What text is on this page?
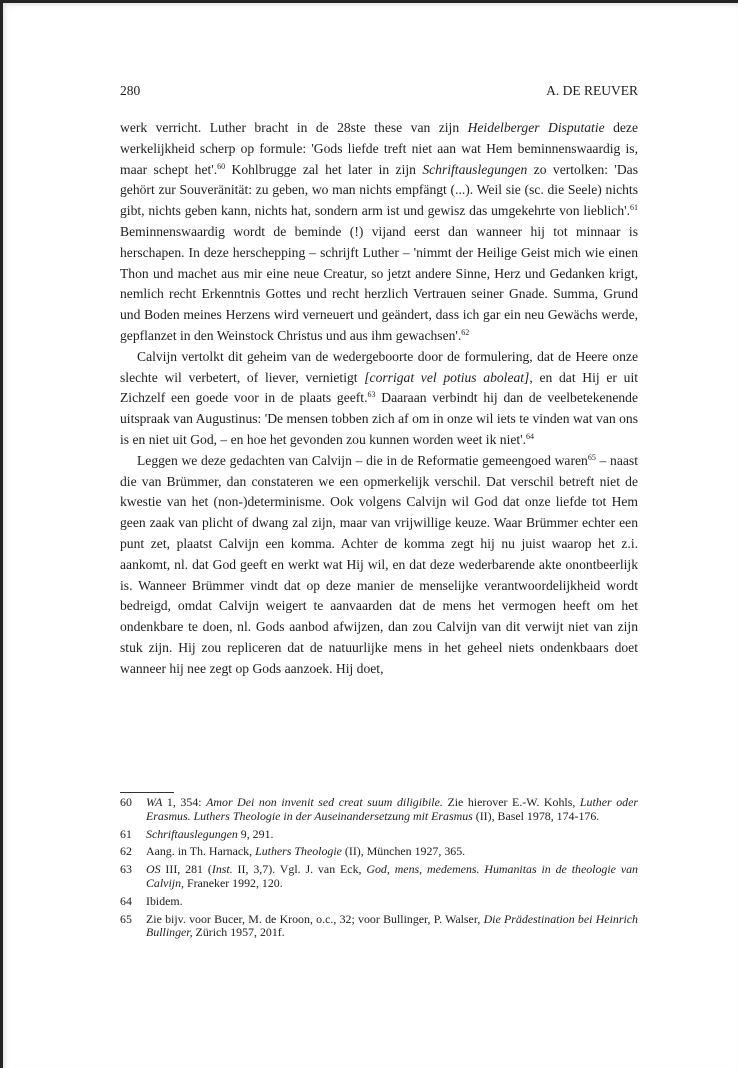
280	A. DE REUVER

werk verricht. Luther bracht in de 28ste these van zijn Heidelberger Disputatie deze werkelijkheid scherp op formule: 'Gods liefde treft niet aan wat Hem beminnenswaardig is, maar schept het'.$^{60}$ Kohlbrugge zal het later in zijn Schriftauslegungen zo vertolken: 'Das gehört zur Souveränität: zu geben, wo man nichts empfängt (...). Weil sie (sc. die Seele) nichts gibt, nichts geben kann, nichts hat, sondern arm ist und gewisz das umgekehrte von lieblich'.$^{61}$ Beminnenswaardig wordt de beminde (!) vijand eerst dan wanneer hij tot minnaar is herschapen. In deze herschepping – schrijft Luther – 'nimmt der Heilige Geist mich wie einen Thon und machet aus mir eine neue Creatur, so jetzt andere Sinne, Herz und Gedanken krigt, nemlich recht Erkenntnis Gottes und recht herzlich Vertrauen seiner Gnade. Summa, Grund und Boden meines Herzens wird verneuert und geändert, dass ich gar ein neu Gewächs werde, gepflanzet in den Weinstock Christus und aus ihm gewachsen'.$^{62}$

Calvijn vertolkt dit geheim van de wedergeboorte door de formulering, dat de Heere onze slechte wil verbetert, of liever, vernietigt [corrigat vel potius aboleat], en dat Hij er uit Zichzelf een goede voor in de plaats geeft.$^{63}$ Daaraan verbindt hij dan de veelbetekenende uitspraak van Augustinus: 'De mensen tobben zich af om in onze wil iets te vinden wat van ons is en niet uit God, – en hoe het gevonden zou kunnen worden weet ik niet'.$^{64}$

Leggen we deze gedachten van Calvijn – die in de Reformatie gemeengoed waren$^{65}$ – naast die van Brümmer, dan constateren we een opmerkelijk verschil. Dat verschil betreft niet de kwestie van het (non-)determinisme. Ook volgens Calvijn wil God dat onze liefde tot Hem geen zaak van plicht of dwang zal zijn, maar van vrijwillige keuze. Waar Brümmer echter een punt zet, plaatst Calvijn een komma. Achter de komma zegt hij nu juist waarop het z.i. aankomt, nl. dat God geeft en werkt wat Hij wil, en dat deze wederbarende akte onontbeerlijk is. Wanneer Brümmer vindt dat op deze manier de menselijke verantwoordelijkheid wordt bedreigd, omdat Calvijn weigert te aanvaarden dat de mens het vermogen heeft om het ondenkbare te doen, nl. Gods aanbod afwijzen, dan zou Calvijn van dit verwijt niet van zijn stuk zijn. Hij zou repliceren dat de natuurlijke mens in het geheel niets ondenkbaars doet wanneer hij nee zegt op Gods aanzoek. Hij doet,

60	WA 1, 354: Amor Dei non invenit sed creat suum diligibile. Zie hierover E.-W. Kohls, Luther oder Erasmus. Luthers Theologie in der Auseinandersetzung mit Erasmus (II), Basel 1978, 174-176.
61	Schriftauslegungen 9, 291.
62	Aang. in Th. Harnack, Luthers Theologie (II), München 1927, 365.
63	OS III, 281 (Inst. II, 3,7). Vgl. J. van Eck, God, mens, medemens. Humanitas in de theologie van Calvijn, Franeker 1992, 120.
64	Ibidem.
65	Zie bijv. voor Bucer, M. de Kroon, o.c., 32; voor Bullinger, P. Walser, Die Prädestination bei Heinrich Bullinger, Zürich 1957, 201f.
